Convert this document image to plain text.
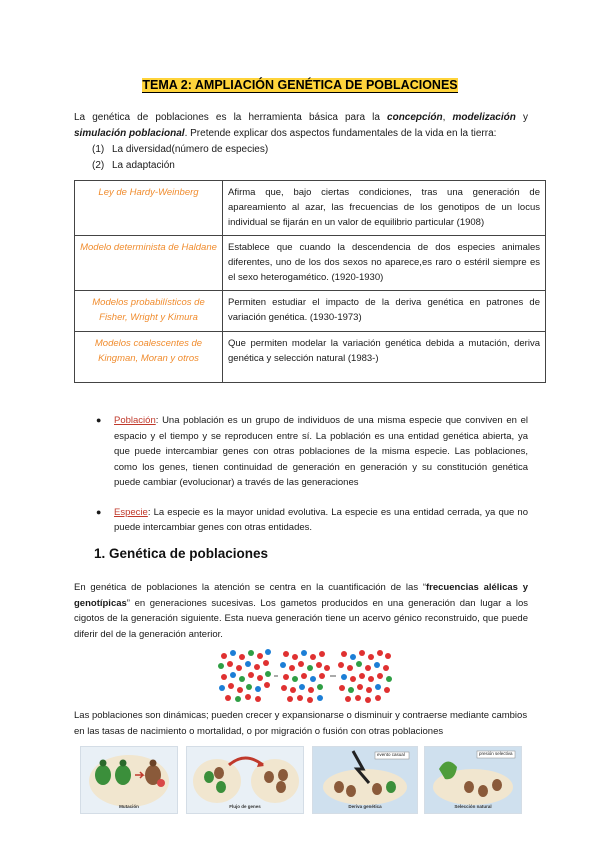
TEMA 2: AMPLIACIÓN GENÉTICA DE POBLACIONES
La genética de poblaciones es la herramienta básica para la concepción, modelización y simulación poblacional. Pretende explicar dos aspectos fundamentales de la vida en la tierra:
(1) La diversidad(número de especies)
(2) La adaptación
Ley de Hardy-Weinberg	Afirma que, bajo ciertas condiciones, tras una generación de apareamiento al azar, las frecuencias de los genotipos de un locus individual se fijarán en un valor de equilibrio particular (1908)
Modelo determinista de Haldane	Establece que cuando la descendencia de dos especies animales diferentes, uno de los dos sexos no aparece,es raro o estéril siempre es el sexo heterogamético. (1920-1930)
Modelos probabilísticos de Fisher, Wright y Kimura	Permiten estudiar el impacto de la deriva genética en patrones de variación genética. (1930-1973)
Modelos coalescentes de Kingman, Moran y otros	Que permiten modelar la variación genética debida a mutación, deriva genética y selección natural (1983-)
● Población: Una población es un grupo de individuos de una misma especie que conviven en el espacio y el tiempo y se reproducen entre sí. La población es una entidad genética abierta, ya que puede intercambiar genes con otras poblaciones de la misma especie. Las poblaciones, como los genes, tienen continuidad de generación en generación y su constitución genética puede cambiar (evolucionar) a través de las generaciones
● Especie: La especie es la mayor unidad evolutiva. La especie es una entidad cerrada, ya que no puede intercambiar genes con otras entidades.
1. Genética de poblaciones
En genética de poblaciones la atención se centra en la cuantificación de las “frecuencias alélicas y genotípicas” en generaciones sucesivas. Los gametos producidos en una generación dan lugar a los cigotos de la generación siguiente. Esta nueva generación tiene un acervo génico reconstruido, que puede diferir del de la generación anterior.
Las poblaciones son dinámicas; pueden crecer y expansionarse o disminuir y contraerse mediante cambios en las tasas de nacimiento o mortalidad, o por migración o fusión con otras poblaciones
Mutación	Flujo de genes
evento casual
Deriva genética
presión selectiva
Selección natural
